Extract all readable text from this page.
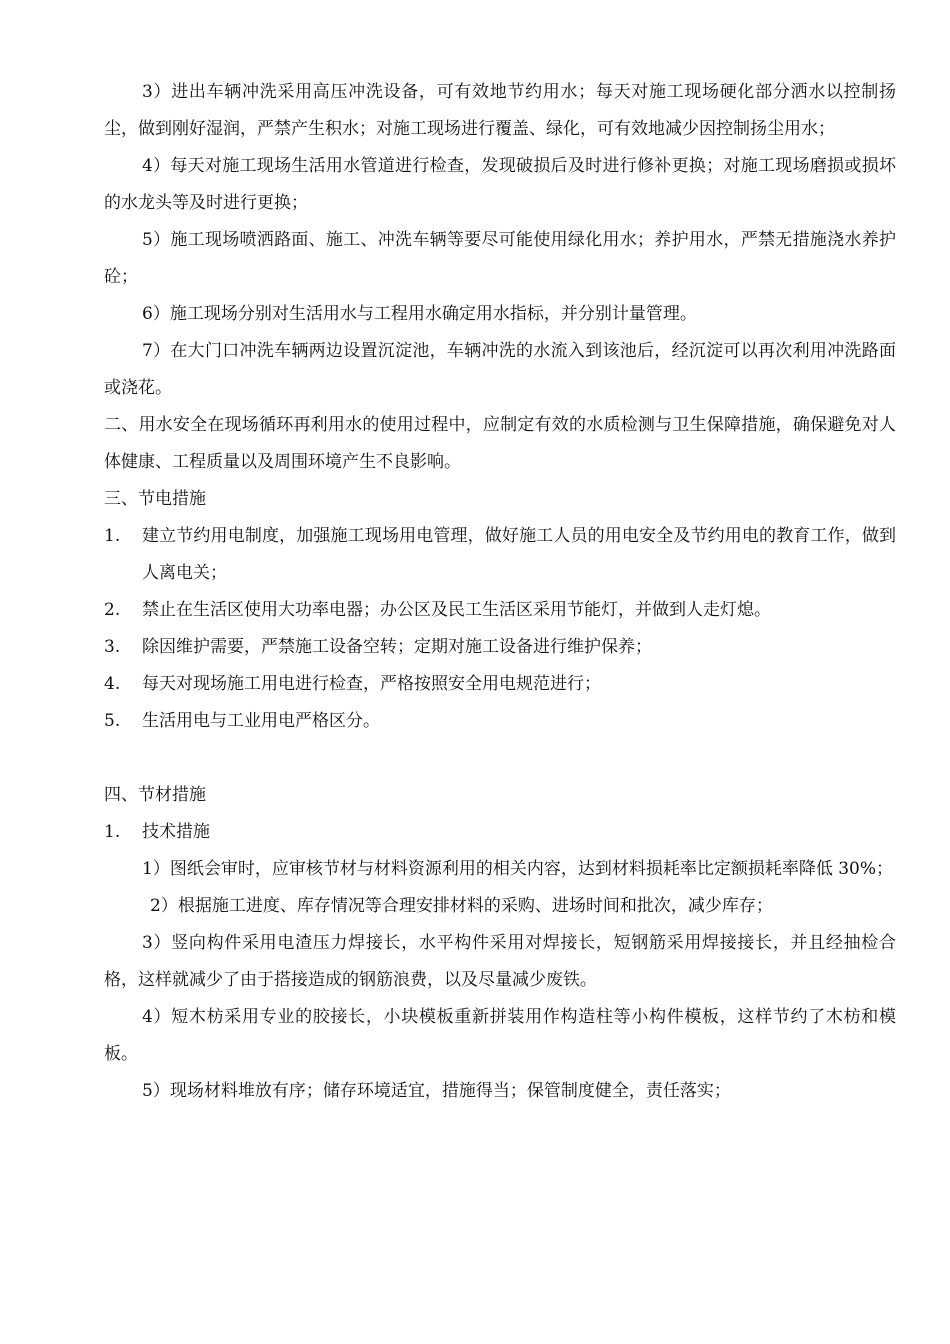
3）进出车辆冲洗采用高压冲洗设备，可有效地节约用水；每天对施工现场硬化部分洒水以控制扬尘，做到刚好湿润，严禁产生积水；对施工现场进行覆盖、绿化，可有效地减少因控制扬尘用水；

4）每天对施工现场生活用水管道进行检查，发现破损后及时进行修补更换；对施工现场磨损或损坏的水龙头等及时进行更换；

5）施工现场喷洒路面、施工、冲洗车辆等要尽可能使用绿化用水；养护用水，严禁无措施浇水养护砼；

6）施工现场分别对生活用水与工程用水确定用水指标，并分别计量管理。

7）在大门口冲洗车辆两边设置沉淀池，车辆冲洗的水流入到该池后，经沉淀可以再次利用冲洗路面或浇花。

二、用水安全在现场循环再利用水的使用过程中，应制定有效的水质检测与卫生保障措施，确保避免对人体健康、工程质量以及周围环境产生不良影响。

三、节电措施

1.	建立节约用电制度，加强施工现场用电管理，做好施工人员的用电安全及节约用电的教育工作，做到人离电关；
2.	禁止在生活区使用大功率电器；办公区及民工生活区采用节能灯，并做到人走灯熄。
3.	除因维护需要，严禁施工设备空转；定期对施工设备进行维护保养；
4.	每天对现场施工用电进行检查，严格按照安全用电规范进行；
5.	生活用电与工业用电严格区分。

四、节材措施

1.	技术措施

1）图纸会审时，应审核节材与材料资源利用的相关内容，达到材料损耗率比定额损耗率降低 30%；

2）根据施工进度、库存情况等合理安排材料的采购、进场时间和批次，减少库存；

3）竖向构件采用电渣压力焊接长，水平构件采用对焊接长，短钢筋采用焊接接长，并且经抽检合格，这样就减少了由于搭接造成的钢筋浪费，以及尽量减少废铁。

4）短木枋采用专业的胶接长，小块模板重新拼装用作构造柱等小构件模板，这样节约了木枋和模板。

5）现场材料堆放有序；储存环境适宜，措施得当；保管制度健全，责任落实；
